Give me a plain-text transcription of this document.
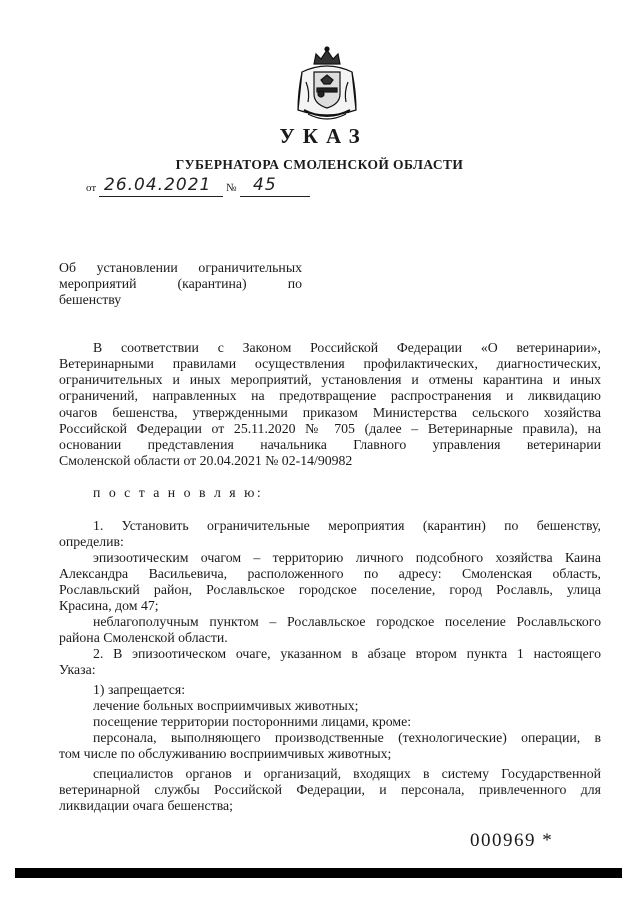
УКАЗ
ГУБЕРНАТОРА СМОЛЕНСКОЙ ОБЛАСТИ
от 26.04.2021 № 45
Об установлении ограничительных
мероприятий (карантина) по
бешенству
В соответствии с Законом Российской Федерации «О ветеринарии»,
Ветеринарными правилами осуществления профилактических, диагностических,
ограничительных и иных мероприятий, установления и отмены карантина и иных
ограничений, направленных на предотвращение распространения и ликвидацию
очагов бешенства, утвержденными приказом Министерства сельского хозяйства
Российской Федерации от 25.11.2020 № 705 (далее – Ветеринарные правила), на
основании представления начальника Главного управления ветеринарии
Смоленской области от 20.04.2021 № 02-14/90982
п о с т а н о в л я ю:
1. Установить ограничительные мероприятия (карантин) по бешенству,
определив:
эпизоотическим очагом – территорию личного подсобного хозяйства Каина
Александра Васильевича, расположенного по адресу: Смоленская область,
Рославльский район, Рославльское городское поселение, город Рославль, улица
Красина, дом 47;
неблагополучным пунктом – Рославльское городское поселение Рославльского
района Смоленской области.
2. В эпизоотическом очаге, указанном в абзаце втором пункта 1 настоящего
Указа:
1) запрещается:
лечение больных восприимчивых животных;
посещение территории посторонними лицами, кроме:
персонала, выполняющего производственные (технологические) операции, в
том числе по обслуживанию восприимчивых животных;
специалистов органов и организаций, входящих в систему Государственной
ветеринарной службы Российской Федерации, и персонала, привлеченного для
ликвидации очага бешенства;
000969 *
